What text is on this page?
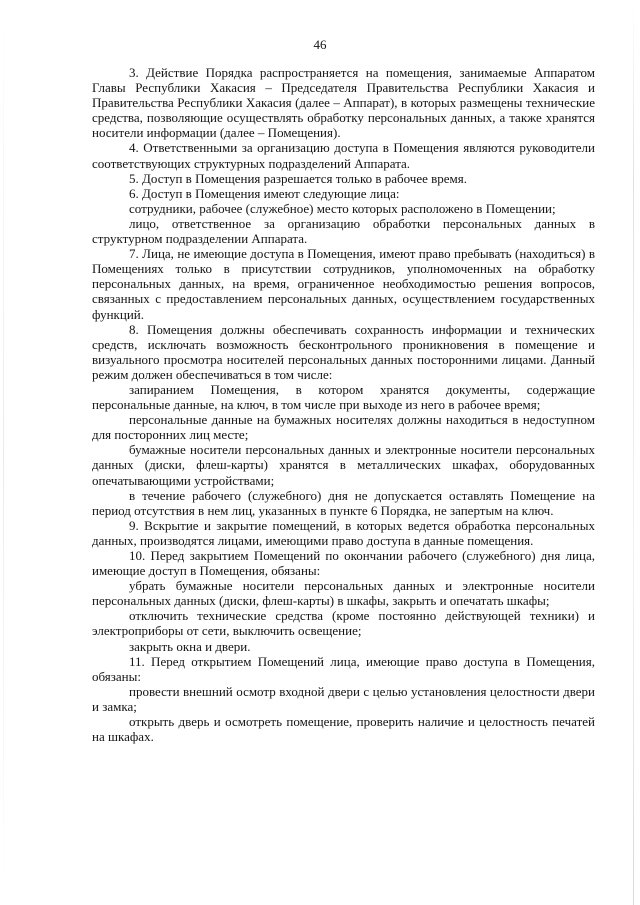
46

3. Действие Порядка распространяется на помещения, занимаемые Аппаратом Главы Республики Хакасия – Председателя Правительства Республики Хакасия и Правительства Республики Хакасия (далее – Аппарат), в которых размещены технические средства, позволяющие осуществлять обработку персональных данных, а также хранятся носители информации (далее – Помещения).

4. Ответственными за организацию доступа в Помещения являются руководители соответствующих структурных подразделений Аппарата.

5. Доступ в Помещения разрешается только в рабочее время.

6. Доступ в Помещения имеют следующие лица:

сотрудники, рабочее (служебное) место которых расположено в Помещении;

лицо, ответственное за организацию обработки персональных данных в структурном подразделении Аппарата.

7. Лица, не имеющие доступа в Помещения, имеют право пребывать (находиться) в Помещениях только в присутствии сотрудников, уполномоченных на обработку персональных данных, на время, ограниченное необходимостью решения вопросов, связанных с предоставлением персональных данных, осуществлением государственных функций.

8. Помещения должны обеспечивать сохранность информации и технических средств, исключать возможность бесконтрольного проникновения в помещение и визуального просмотра носителей персональных данных посторонними лицами. Данный режим должен обеспечиваться в том числе:

запиранием Помещения, в котором хранятся документы, содержащие персональные данные, на ключ, в том числе при выходе из него в рабочее время;

персональные данные на бумажных носителях должны находиться в недоступном для посторонних лиц месте;

бумажные носители персональных данных и электронные носители персональных данных (диски, флеш-карты) хранятся в металлических шкафах, оборудованных опечатывающими устройствами;

в течение рабочего (служебного) дня не допускается оставлять Помещение на период отсутствия в нем лиц, указанных в пункте 6 Порядка, не запертым на ключ.

9. Вскрытие и закрытие помещений, в которых ведется обработка персональных данных, производятся лицами, имеющими право доступа в данные помещения.

10. Перед закрытием Помещений по окончании рабочего (служебного) дня лица, имеющие доступ в Помещения, обязаны:

убрать бумажные носители персональных данных и электронные носители персональных данных (диски, флеш-карты) в шкафы, закрыть и опечатать шкафы;

отключить технические средства (кроме постоянно действующей техники) и электроприборы от сети, выключить освещение;

закрыть окна и двери.

11. Перед открытием Помещений лица, имеющие право доступа в Помещения, обязаны:

провести внешний осмотр входной двери с целью установления целостности двери и замка;

открыть дверь и осмотреть помещение, проверить наличие и целостность печатей на шкафах.
